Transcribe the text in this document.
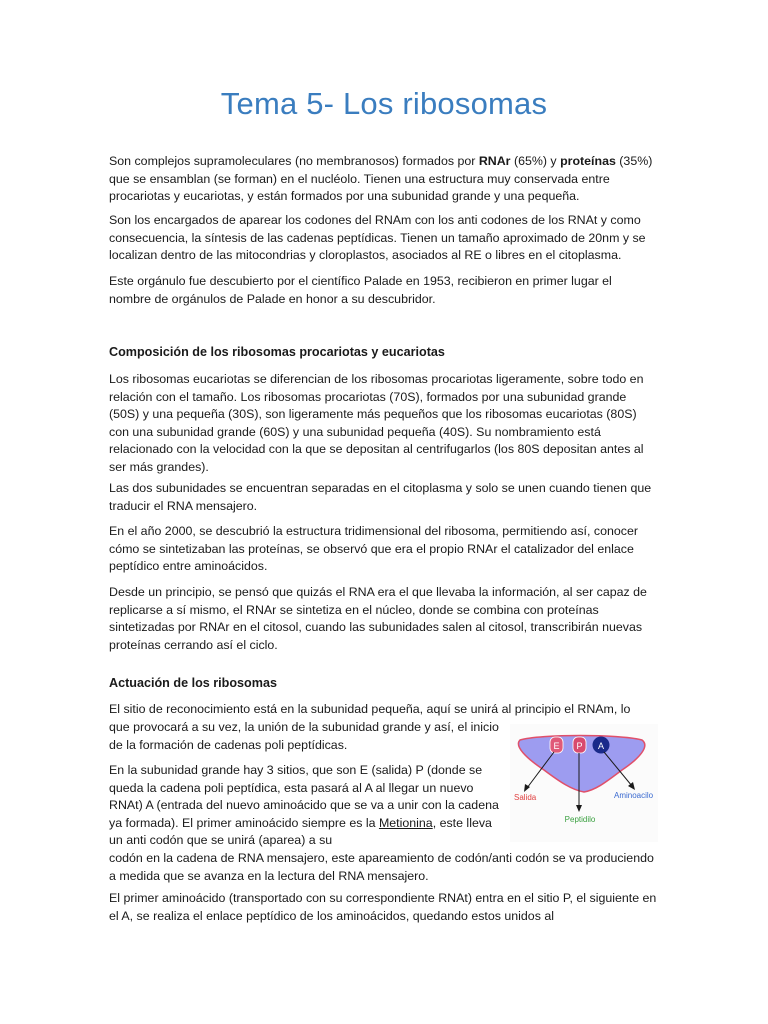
Tema 5- Los ribosomas

Son complejos supramoleculares (no membranosos) formados por RNAr (65%) y proteínas (35%) que se ensamblan (se forman) en el nucléolo. Tienen una estructura muy conservada entre procariotas y eucariotas, y están formados por una subunidad grande y una pequeña.

Son los encargados de aparear los codones del RNAm con los anti codones de los RNAt y como consecuencia, la síntesis de las cadenas peptídicas. Tienen un tamaño aproximado de 20nm y se localizan dentro de las mitocondrias y cloroplastos, asociados al RE o libres en el citoplasma.

Este orgánulo fue descubierto por el científico Palade en 1953, recibieron en primer lugar el nombre de orgánulos de Palade en honor a su descubridor.

Composición de los ribosomas procariotas y eucariotas

Los ribosomas eucariotas se diferencian de los ribosomas procariotas ligeramente, sobre todo en relación con el tamaño. Los ribosomas procariotas (70S), formados por una subunidad grande (50S) y una pequeña (30S), son ligeramente más pequeños que los ribosomas eucariotas (80S) con una subunidad grande (60S) y una subunidad pequeña (40S). Su nombramiento está relacionado con la velocidad con la que se depositan al centrifugarlos (los 80S depositan antes al ser más grandes).

Las dos subunidades se encuentran separadas en el citoplasma y solo se unen cuando tienen que traducir el RNA mensajero.

En el año 2000, se descubrió la estructura tridimensional del ribosoma, permitiendo así, conocer cómo se sintetizaban las proteínas, se observó que era el propio RNAr el catalizador del enlace peptídico entre aminoácidos.

Desde un principio, se pensó que quizás el RNA era el que llevaba la información, al ser capaz de replicarse a sí mismo, el RNAr se sintetiza en el núcleo, donde se combina con proteínas sintetizadas por RNAr en el citosol, cuando las subunidades salen al citosol, transcribirán nuevas proteínas cerrando así el ciclo.

Actuación de los ribosomas

El sitio de reconocimiento está en la subunidad pequeña, aquí se unirá al principio el RNAm, lo

que provocará a su vez, la unión de la subunidad grande y así, el inicio de la formación de cadenas poli peptídicas.

En la subunidad grande hay 3 sitios, que son E (salida) P (donde se queda la cadena poli peptídica, esta pasará al A al llegar un nuevo RNAt) A (entrada del nuevo aminoácido que se va a unir con la cadena ya formada). El primer aminoácido siempre es la Metionina, este lleva un anti codón que se unirá (aparea) a su

codón en la cadena de RNA mensajero, este apareamiento de codón/anti codón se va produciendo a medida que se avanza en la lectura del RNA mensajero.

El primer aminoácido (transportado con su correspondiente RNAt) entra en el sitio P, el siguiente en el A, se realiza el enlace peptídico de los aminoácidos, quedando estos unidos al

E P A
Salida
Peptidilo
Aminoacilo
